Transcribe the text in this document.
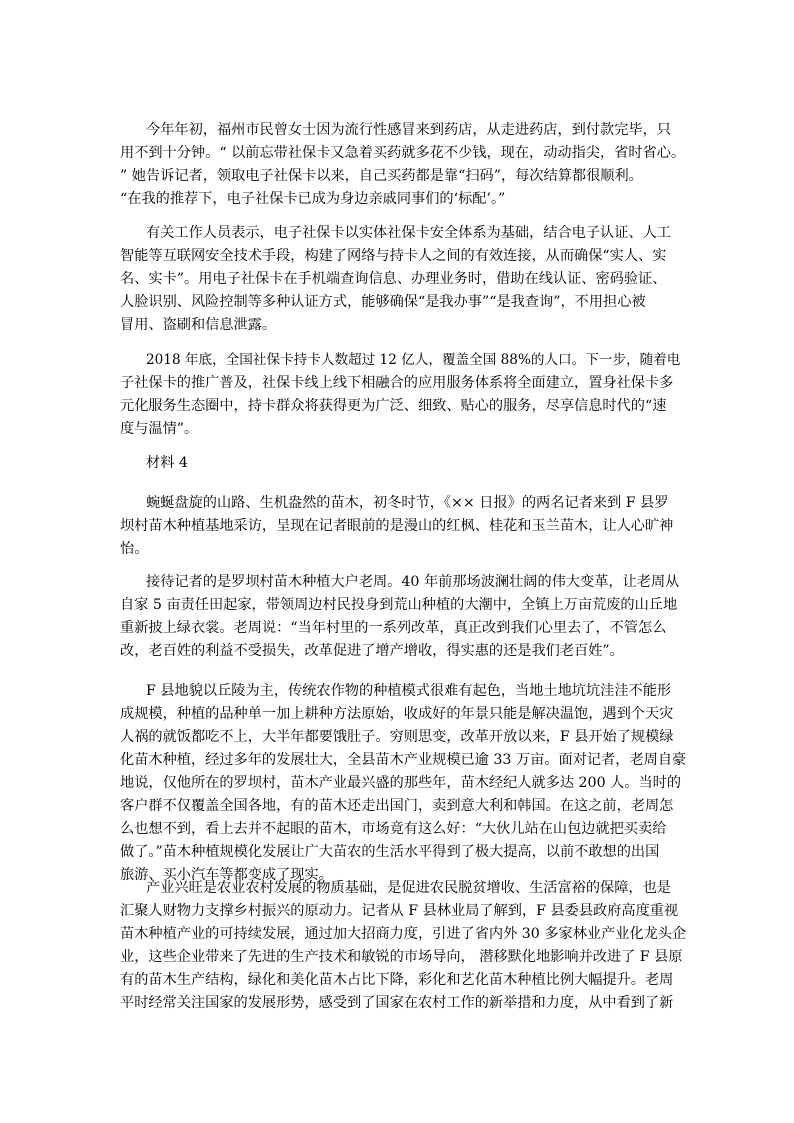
今年年初，福州市民曾女士因为流行性感冒来到药店，从走进药店，到付款完毕，只
用不到十分钟。“ 以前忘带社保卡又急着买药就多花不少钱，现在，动动指尖，省时省心。
” 她告诉记者，领取电子社保卡以来，自己买药都是靠“扫码”，每次结算都很顺利。
“在我的推荐下，电子社保卡已成为身边亲戚同事们的‘标配’。”
有关工作人员表示，电子社保卡以实体社保卡安全体系为基础，结合电子认证、人工
智能等互联网安全技术手段，构建了网络与持卡人之间的有效连接，从而确保“实人、实
名、实卡”。用电子社保卡在手机端查询信息、办理业务时，借助在线认证、密码验证、
人脸识别、风险控制等多种认证方式，能够确保“是我办事”“是我查询”，不用担心被
冒用、盗刷和信息泄露。
2018 年底，全国社保卡持卡人数超过 12 亿人，覆盖全国 88%的人口。下一步，随着电
子社保卡的推广普及，社保卡线上线下相融合的应用服务体系将全面建立，置身社保卡多
元化服务生态圈中，持卡群众将获得更为广泛、细致、贴心的服务，尽享信息时代的“速
度与温情”。
材料 4
蜿蜒盘旋的山路、生机盎然的苗木，初冬时节，《×× 日报》的两名记者来到 F 县罗
坝村苗木种植基地采访，呈现在记者眼前的是漫山的红枫、桂花和玉兰苗木，让人心旷神
怡。
接待记者的是罗坝村苗木种植大户老周。40 年前那场波澜壮阔的伟大变革，让老周从
自家 5 亩责任田起家，带领周边村民投身到荒山种植的大潮中，全镇上万亩荒废的山丘地
重新披上绿衣裳。老周说：“当年村里的一系列改革，真正改到我们心里去了，不管怎么
改，老百姓的利益不受损失，改革促进了增产增收，得实惠的还是我们老百姓”。
F 县地貌以丘陵为主，传统农作物的种植模式很难有起色，当地土地坑坑洼洼不能形
成规模，种植的品种单一加上耕种方法原始，收成好的年景只能是解决温饱，遇到个天灾
人祸的就饭都吃不上，大半年都要饿肚子。穷则思变，改革开放以来，F 县开始了规模绿
化苗木种植，经过多年的发展壮大，全县苗木产业规模已逾 33 万亩。面对记者，老周自豪
地说，仅他所在的罗坝村，苗木产业最兴盛的那些年，苗木经纪人就多达 200 人。当时的
客户群不仅覆盖全国各地，有的苗木还走出国门，卖到意大利和韩国。在这之前，老周怎
么也想不到，看上去并不起眼的苗木，市场竟有这么好：“大伙儿站在山包边就把买卖给
做了。”苗木种植规模化发展让广大苗农的生活水平得到了极大提高，以前不敢想的出国
旅游、买小汽车等都变成了现实。
产业兴旺是农业农村发展的物质基础，是促进农民脱贫增收、生活富裕的保障，也是
汇聚人财物力支撑乡村振兴的原动力。记者从 F 县林业局了解到，F 县委县政府高度重视
苗木种植产业的可持续发展，通过加大招商力度，引进了省内外 30 多家林业产业化龙头企
业，这些企业带来了先进的生产技术和敏锐的市场导向， 潜移默化地影响并改进了 F 县原
有的苗木生产结构，绿化和美化苗木占比下降，彩化和艺化苗木种植比例大幅提升。老周
平时经常关注国家的发展形势，感受到了国家在农村工作的新举措和力度，从中看到了新
